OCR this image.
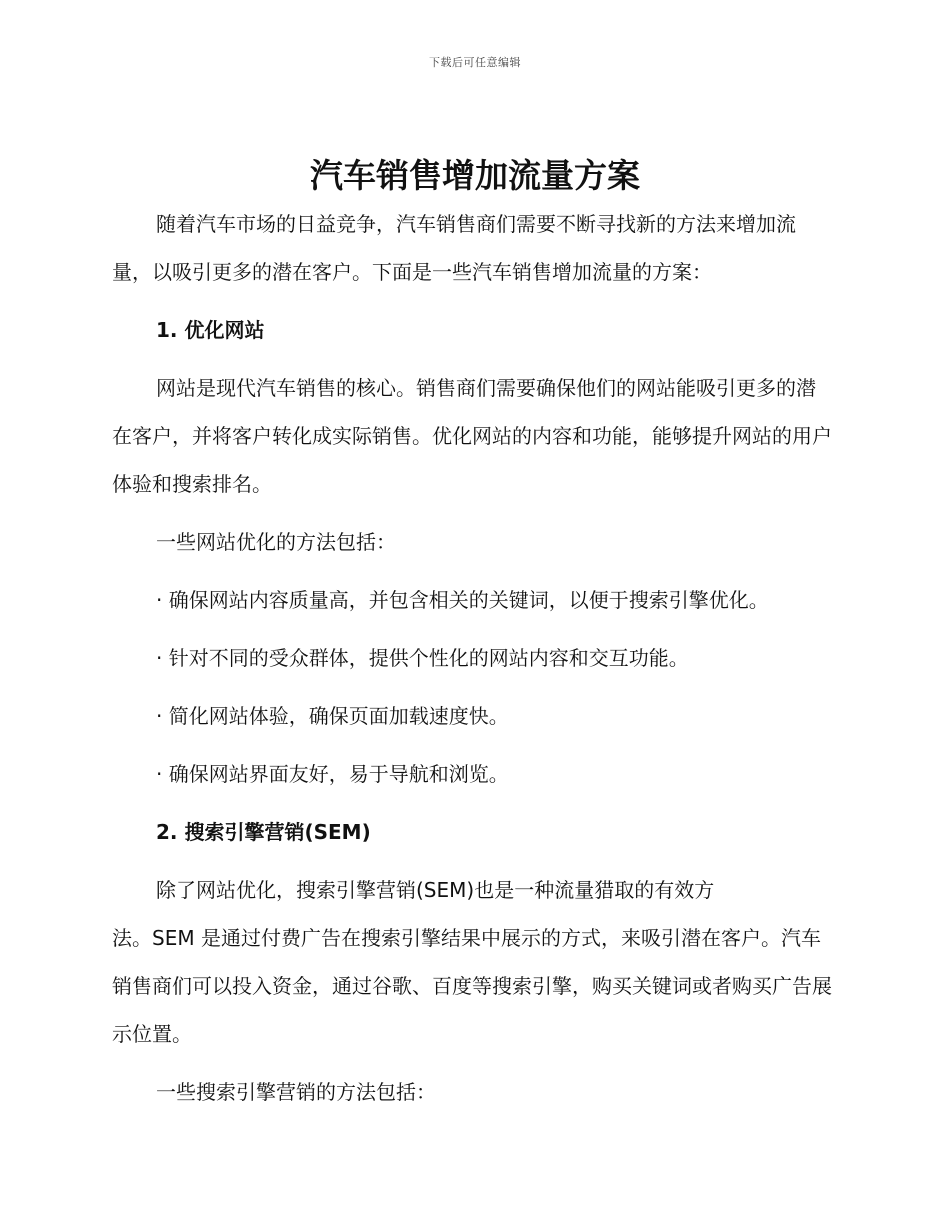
下载后可任意编辑
汽车销售增加流量方案

随着汽车市场的日益竞争，汽车销售商们需要不断寻找新的方法来增加流量，以吸引更多的潜在客户。下面是一些汽车销售增加流量的方案：

1. 优化网站

网站是现代汽车销售的核心。销售商们需要确保他们的网站能吸引更多的潜在客户，并将客户转化成实际销售。优化网站的内容和功能，能够提升网站的用户体验和搜索排名。

一些网站优化的方法包括：

· 确保网站内容质量高，并包含相关的关键词，以便于搜索引擎优化。

· 针对不同的受众群体，提供个性化的网站内容和交互功能。

· 简化网站体验，确保页面加载速度快。

· 确保网站界面友好，易于导航和浏览。

2. 搜索引擎营销(SEM)

除了网站优化，搜索引擎营销(SEM)也是一种流量猎取的有效方
法。SEM 是通过付费广告在搜索引擎结果中展示的方式，来吸引潜在客户。汽车销售商们可以投入资金，通过谷歌、百度等搜索引擎，购买关键词或者购买广告展示位置。

一些搜索引擎营销的方法包括：
